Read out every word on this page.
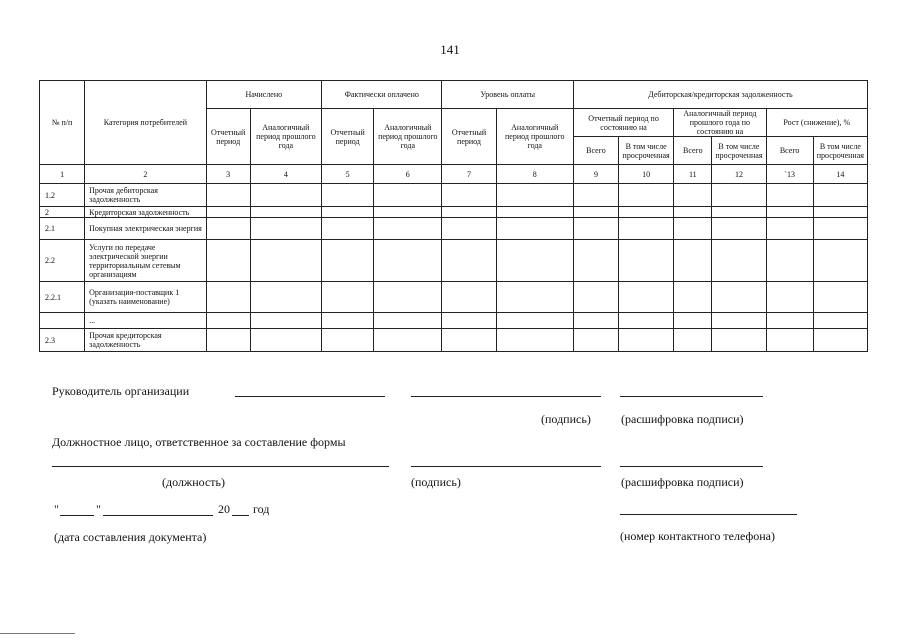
141
№ п/п	Категория потребителей	Начислено		Фактически оплачено		Уровень оплаты		Дебиторская/кредиторская задолженность					
		Отчетный период	Аналогичный период прошлого года	Отчетный период	Аналогичный период прошлого года	Отчетный период	Аналогичный период прошлого года	Отчетный период по состоянию на		Аналогичный период прошлого года по состоянию на		Рост (снижение), %	
								Всего	В том числе просроченная	Всего	В том числе просроченная	Всего	В том числе просроченная
1	2	3	4	5	6	7	8	9	10	11	12	`13	14
1.2	Прочая дебиторская задолженность												
2	Кредиторская задолженность												
2.1	Покупная электрическая энергия												
2.2	Услуги по передаче электрической энергии территориальным сетевым организациям												
2.2.1	Организация-поставщик 1 (указать наименование)												
	...												
2.3	Прочая кредиторская задолженность												
Руководитель организации
(подпись)	(расшифровка подписи)
Должностное лицо, ответственное за составление формы
(должность)	(подпись)	(расшифровка подписи)
"	"	20 год
(дата составления документа)	(номер контактного телефона)
